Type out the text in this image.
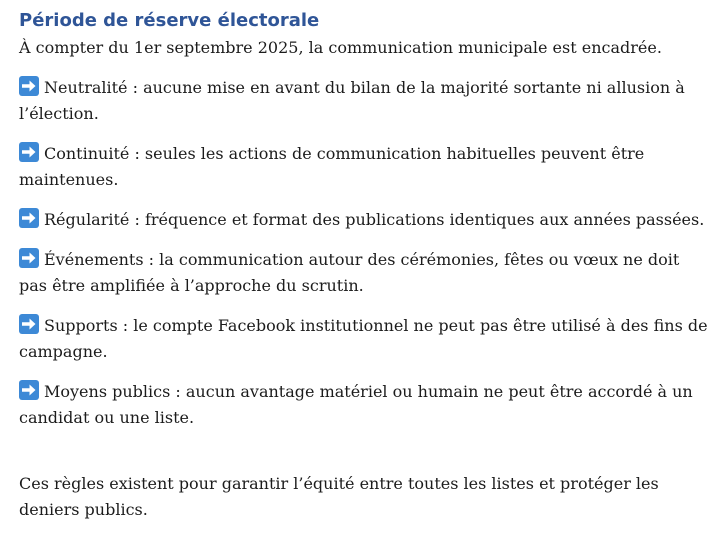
Période de réserve électorale

À compter du 1er septembre 2025, la communication municipale est encadrée.

Neutralité : aucune mise en avant du bilan de la majorité sortante ni allusion à
l’élection.

Continuité : seules les actions de communication habituelles peuvent être
maintenues.

Régularité : fréquence et format des publications identiques aux années passées.

Événements : la communication autour des cérémonies, fêtes ou vœux ne doit
pas être amplifiée à l’approche du scrutin.

Supports : le compte Facebook institutionnel ne peut pas être utilisé à des fins de
campagne.

Moyens publics : aucun avantage matériel ou humain ne peut être accordé à un
candidat ou une liste.

Ces règles existent pour garantir l’équité entre toutes les listes et protéger les
deniers publics.
